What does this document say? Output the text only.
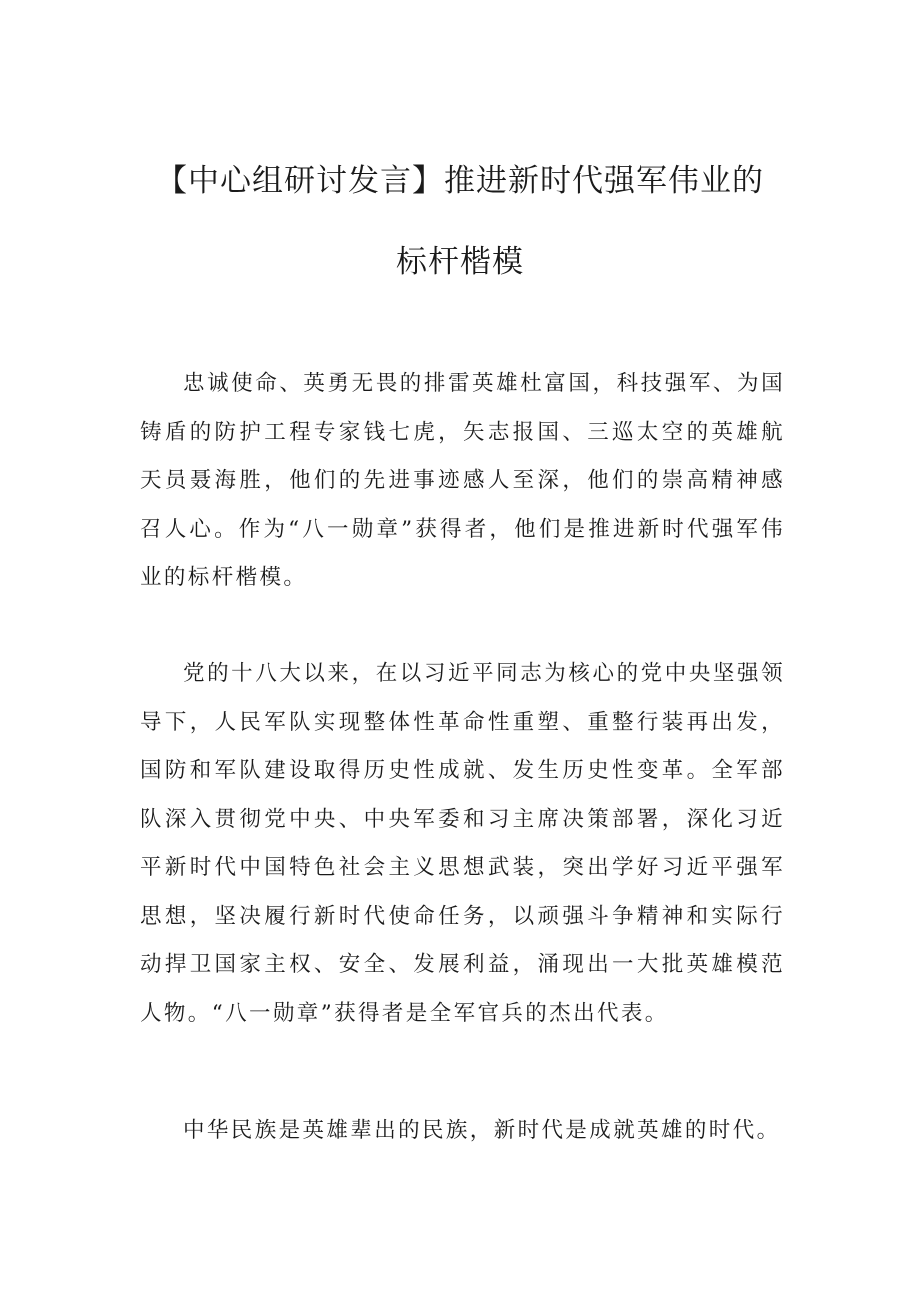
【中心组研讨发言】推进新时代强军伟业的
标杆楷模

忠诚使命、英勇无畏的排雷英雄杜富国，科技强军、为国铸盾的防护工程专家钱七虎，矢志报国、三巡太空的英雄航天员聂海胜，他们的先进事迹感人至深，他们的崇高精神感召人心。作为“八一勋章”获得者，他们是推进新时代强军伟业的标杆楷模。

党的十八大以来，在以习近平同志为核心的党中央坚强领导下，人民军队实现整体性革命性重塑、重整行装再出发，国防和军队建设取得历史性成就、发生历史性变革。全军部队深入贯彻党中央、中央军委和习主席决策部署，深化习近平新时代中国特色社会主义思想武装，突出学好习近平强军思想，坚决履行新时代使命任务，以顽强斗争精神和实际行动捍卫国家主权、安全、发展利益，涌现出一大批英雄模范人物。“八一勋章”获得者是全军官兵的杰出代表。

中华民族是英雄辈出的民族，新时代是成就英雄的时代。
